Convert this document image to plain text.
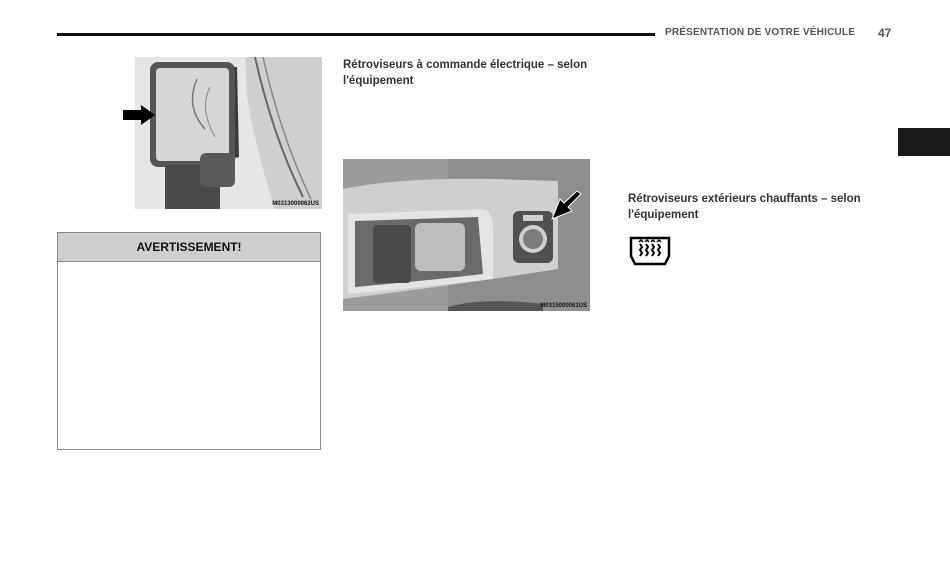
PRÉSENTATION DE VOTRE VÉHICULE 47
M0313000062US
AVERTISSEMENT!
Rétroviseurs à commande électrique – selon l'équipement
M0315000061US
Rétroviseurs extérieurs chauffants – selon l'équipement
